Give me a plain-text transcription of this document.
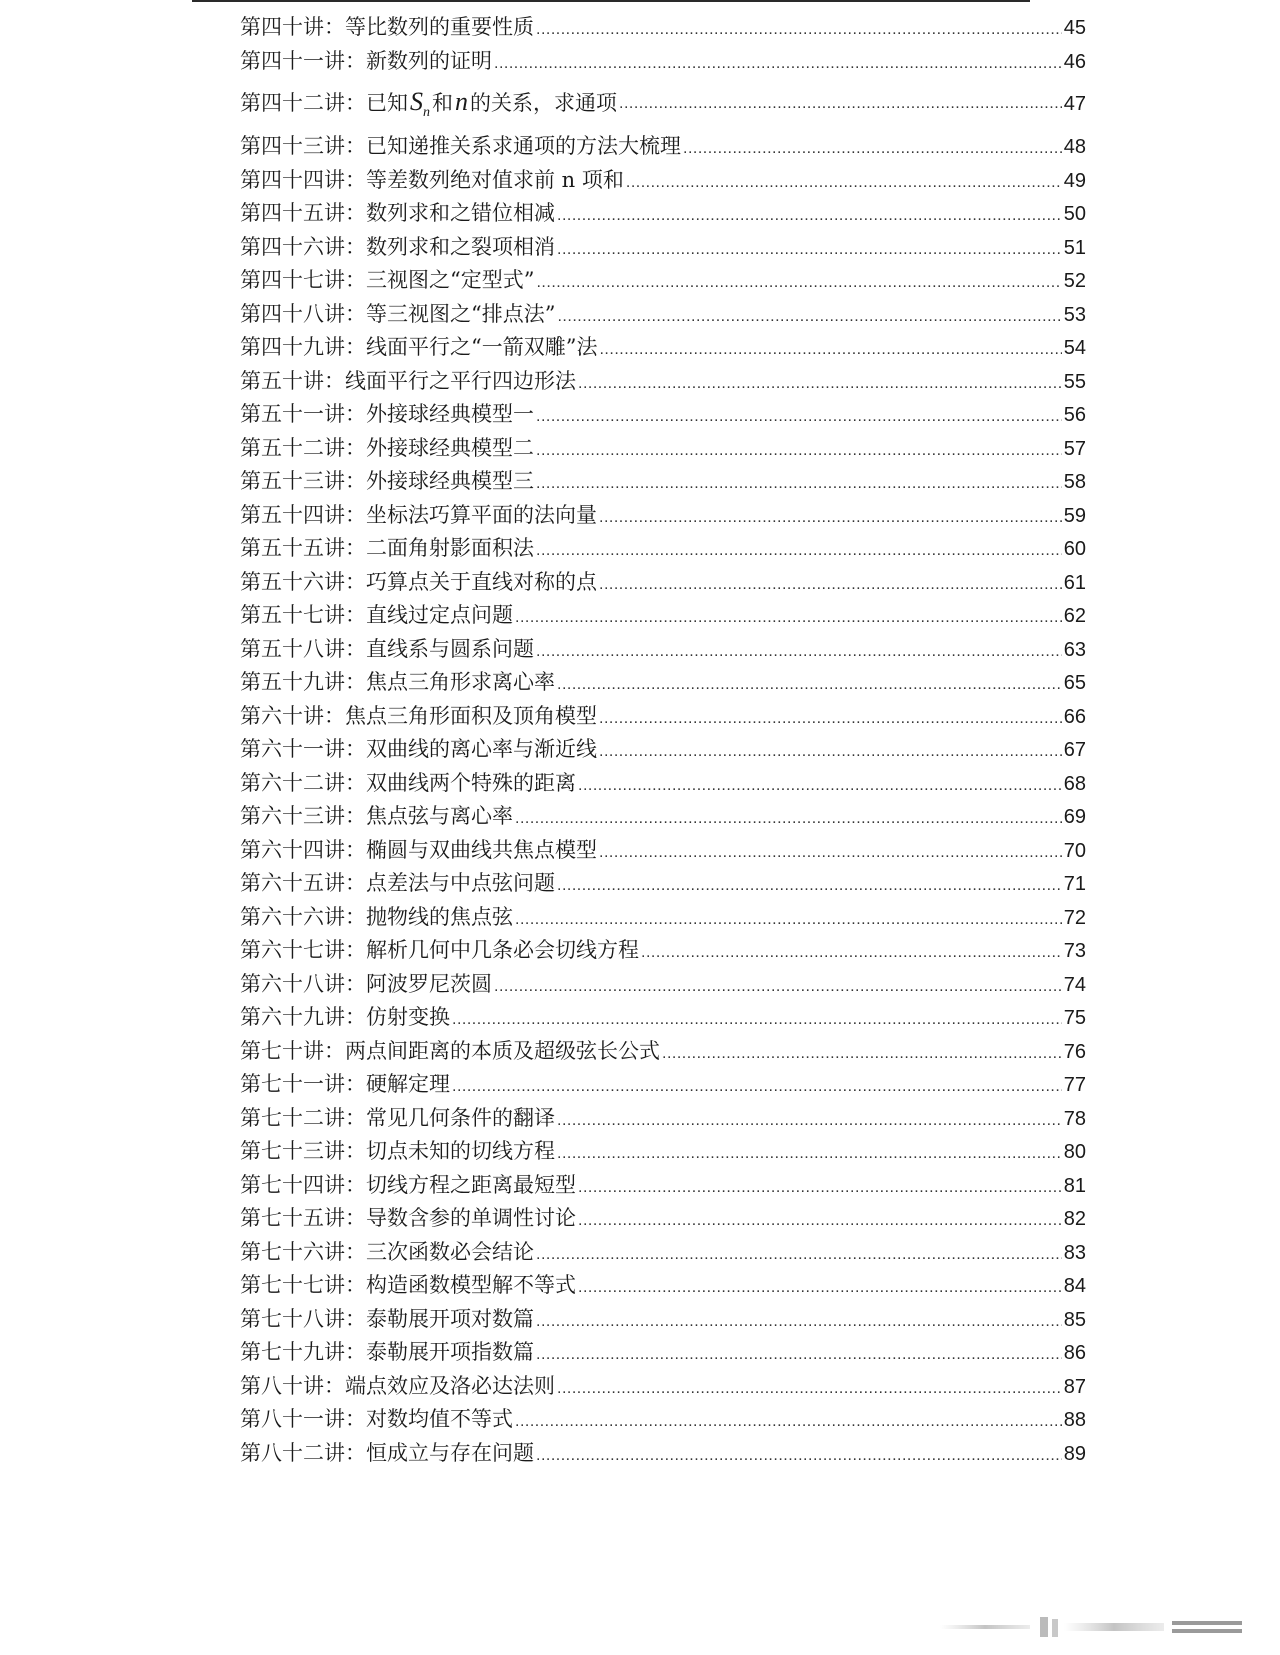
第四十讲：等比数列的重要性质 .....	45
第四十一讲：新数列的证明 .....	46
第四十二讲：已知$S_n$和n的关系，求通项 .....	47
第四十三讲：已知递推关系求通项的方法大梳理 .....	48
第四十四讲：等差数列绝对值求前 n 项和 .....	49
第四十五讲：数列求和之错位相减 .....	50
第四十六讲：数列求和之裂项相消 .....	51
第四十七讲：三视图之“定型式” .....	52
第四十八讲：等三视图之“排点法” .....	53
第四十九讲：线面平行之“一箭双雕”法 .....	54
第五十讲：线面平行之平行四边形法 .....	55
第五十一讲：外接球经典模型一 .....	56
第五十二讲：外接球经典模型二 .....	57
第五十三讲：外接球经典模型三 .....	58
第五十四讲：坐标法巧算平面的法向量 .....	59
第五十五讲：二面角射影面积法 .....	60
第五十六讲：巧算点关于直线对称的点 .....	61
第五十七讲：直线过定点问题 .....	62
第五十八讲：直线系与圆系问题 .....	63
第五十九讲：焦点三角形求离心率 .....	65
第六十讲：焦点三角形面积及顶角模型 .....	66
第六十一讲：双曲线的离心率与渐近线 .....	67
第六十二讲：双曲线两个特殊的距离 .....	68
第六十三讲：焦点弦与离心率 .....	69
第六十四讲：椭圆与双曲线共焦点模型 .....	70
第六十五讲：点差法与中点弦问题 .....	71
第六十六讲：抛物线的焦点弦 .....	72
第六十七讲：解析几何中几条必会切线方程 .....	73
第六十八讲：阿波罗尼茨圆 .....	74
第六十九讲：仿射变换 .....	75
第七十讲：两点间距离的本质及超级弦长公式 .....	76
第七十一讲：硬解定理 .....	77
第七十二讲：常见几何条件的翻译 .....	78
第七十三讲：切点未知的切线方程 .....	80
第七十四讲：切线方程之距离最短型 .....	81
第七十五讲：导数含参的单调性讨论 .....	82
第七十六讲：三次函数必会结论 .....	83
第七十七讲：构造函数模型解不等式 .....	84
第七十八讲：泰勒展开项对数篇 .....	85
第七十九讲：泰勒展开项指数篇 .....	86
第八十讲：端点效应及洛必达法则 .....	87
第八十一讲：对数均值不等式 .....	88
第八十二讲：恒成立与存在问题 .....	89
